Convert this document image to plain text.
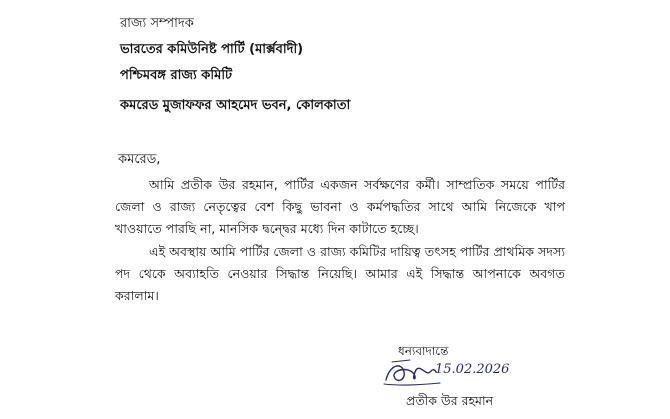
রাজ্য সম্পাদক
ভারতের কমিউনিষ্ট পার্টি (মার্ক্সবাদী)
পশ্চিমবঙ্গ রাজ্য কমিটি
কমরেড মুজাফফর আহমেদ ভবন, কোলকাতা
কমরেড,
আমি প্রতীক উর রহমান, পার্টির একজন সর্বক্ষণের কর্মী। সাম্প্রতিক সময়ে পার্টির জেলা ও রাজ্য নেতৃত্বের বেশ কিছু ভাবনা ও কর্মপদ্ধতির সাথে আমি নিজেকে খাপ খাওয়াতে পারছি না, মানসিক দ্বন্দ্বের মধ্যে দিন কাটাতে হচ্ছে।
এই অবস্থায় আমি পার্টির জেলা ও রাজ্য কমিটির দায়িত্ব তৎসহ পার্টির প্রাথমিক সদস্য পদ থেকে অব্যাহতি নেওয়ার সিদ্ধান্ত নিয়েছি। আমার এই সিদ্ধান্ত আপনাকে অবগত করালাম।
ধন্যবাদান্তে
15.02.2026
প্রতীক উর রহমান
